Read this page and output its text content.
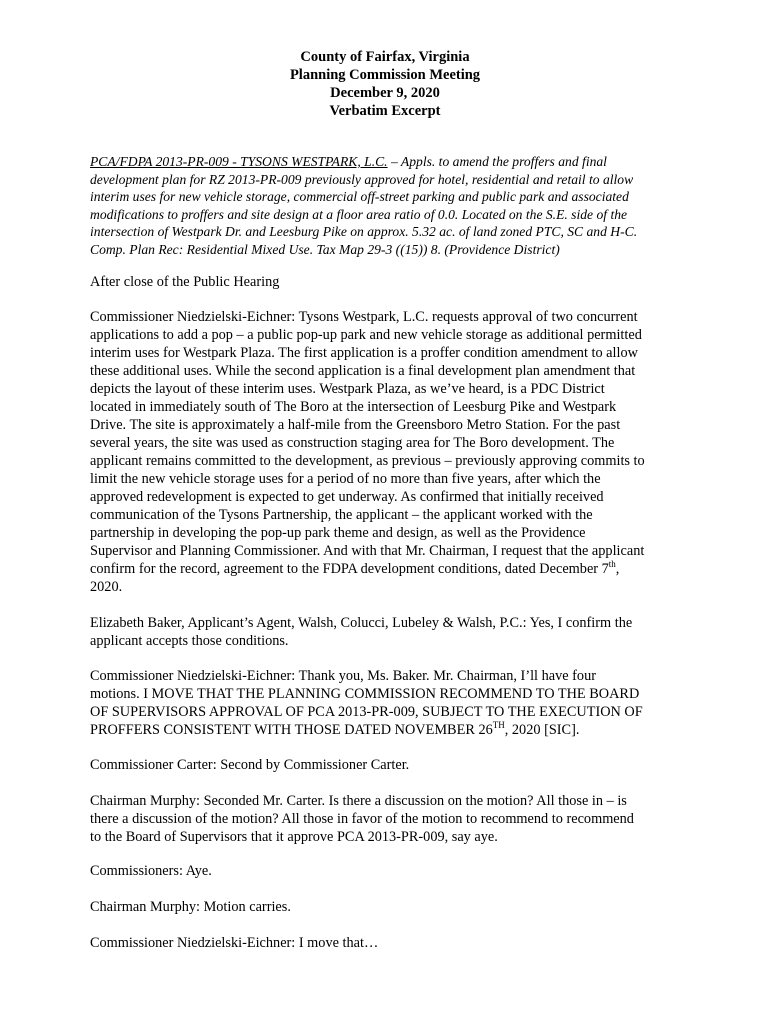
County of Fairfax, Virginia
Planning Commission Meeting
December 9, 2020
Verbatim Excerpt
PCA/FDPA 2013-PR-009 - TYSONS WESTPARK, L.C. – Appls. to amend the proffers and final
development plan for RZ 2013-PR-009 previously approved for hotel, residential and retail to allow
interim uses for new vehicle storage, commercial off-street parking and public park and associated
modifications to proffers and site design at a floor area ratio of 0.0. Located on the S.E. side of the
intersection of Westpark Dr. and Leesburg Pike on approx. 5.32 ac. of land zoned PTC, SC and H-C.
Comp. Plan Rec: Residential Mixed Use. Tax Map 29-3 ((15)) 8. (Providence District)
After close of the Public Hearing
Commissioner Niedzielski-Eichner: Tysons Westpark, L.C. requests approval of two concurrent
applications to add a pop – a public pop-up park and new vehicle storage as additional permitted
interim uses for Westpark Plaza. The first application is a proffer condition amendment to allow
these additional uses. While the second application is a final development plan amendment that
depicts the layout of these interim uses. Westpark Plaza, as we’ve heard, is a PDC District
located in immediately south of The Boro at the intersection of Leesburg Pike and Westpark
Drive. The site is approximately a half-mile from the Greensboro Metro Station. For the past
several years, the site was used as construction staging area for The Boro development. The
applicant remains committed to the development, as previous – previously approving commits to
limit the new vehicle storage uses for a period of no more than five years, after which the
approved redevelopment is expected to get underway. As confirmed that initially received
communication of the Tysons Partnership, the applicant – the applicant worked with the
partnership in developing the pop-up park theme and design, as well as the Providence
Supervisor and Planning Commissioner. And with that Mr. Chairman, I request that the applicant
confirm for the record, agreement to the FDPA development conditions, dated December 7th,
2020.
Elizabeth Baker, Applicant’s Agent, Walsh, Colucci, Lubeley & Walsh, P.C.: Yes, I confirm the
applicant accepts those conditions.
Commissioner Niedzielski-Eichner: Thank you, Ms. Baker. Mr. Chairman, I’ll have four
motions. I MOVE THAT THE PLANNING COMMISSION RECOMMEND TO THE BOARD
OF SUPERVISORS APPROVAL OF PCA 2013-PR-009, SUBJECT TO THE EXECUTION OF
PROFFERS CONSISTENT WITH THOSE DATED NOVEMBER 26TH, 2020 [SIC].
Commissioner Carter: Second by Commissioner Carter.
Chairman Murphy: Seconded Mr. Carter. Is there a discussion on the motion? All those in – is
there a discussion of the motion? All those in favor of the motion to recommend to recommend
to the Board of Supervisors that it approve PCA 2013-PR-009, say aye.
Commissioners: Aye.
Chairman Murphy: Motion carries.
Commissioner Niedzielski-Eichner: I move that…
